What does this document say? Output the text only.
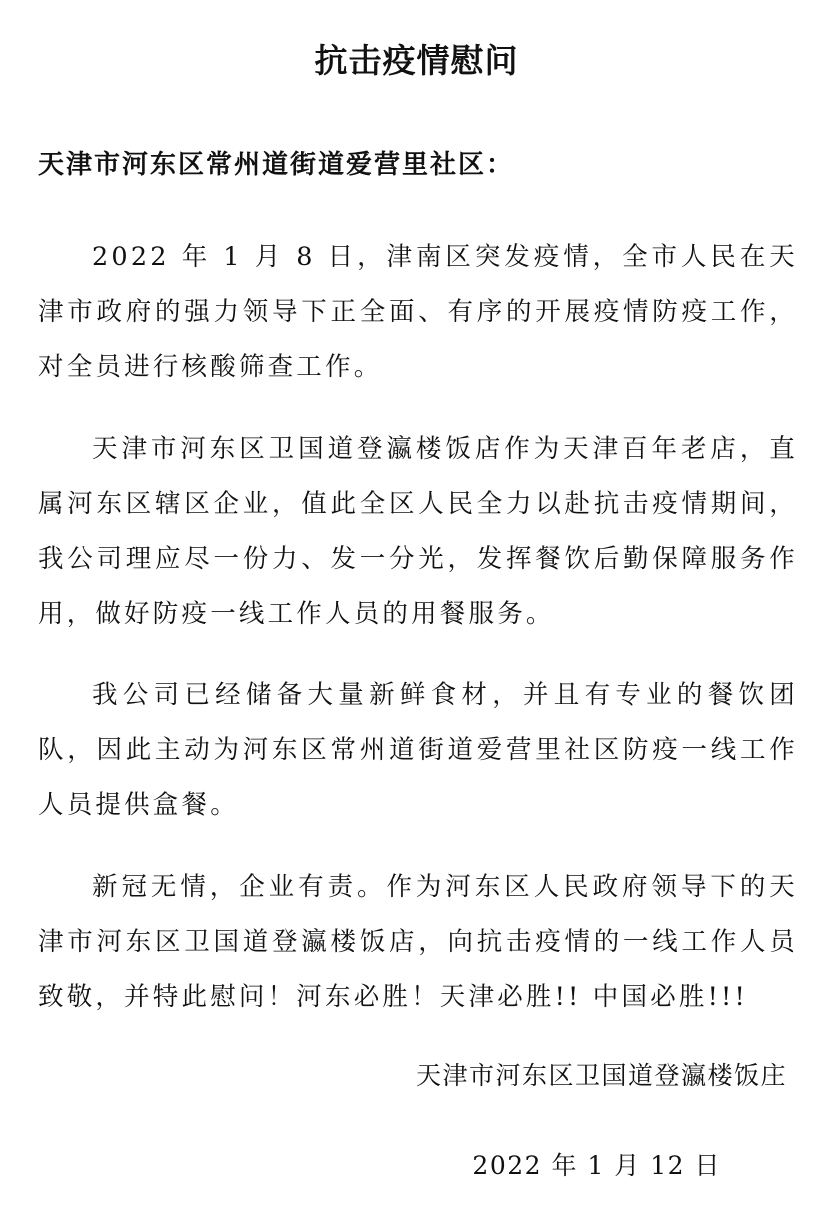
抗击疫情慰问

天津市河东区常州道街道爱营里社区：

2022 年 1 月 8 日，津南区突发疫情，全市人民在天津市政府的强力领导下正全面、有序的开展疫情防疫工作，对全员进行核酸筛查工作。

天津市河东区卫国道登瀛楼饭店作为天津百年老店，直属河东区辖区企业，值此全区人民全力以赴抗击疫情期间，我公司理应尽一份力、发一分光，发挥餐饮后勤保障服务作用，做好防疫一线工作人员的用餐服务。

我公司已经储备大量新鲜食材，并且有专业的餐饮团队，因此主动为河东区常州道街道爱营里社区防疫一线工作人员提供盒餐。

新冠无情，企业有责。作为河东区人民政府领导下的天津市河东区卫国道登瀛楼饭店，向抗击疫情的一线工作人员致敬，并特此慰问！河东必胜！天津必胜!! 中国必胜!!!

天津市河东区卫国道登瀛楼饭庄

2022 年 1 月 12 日
